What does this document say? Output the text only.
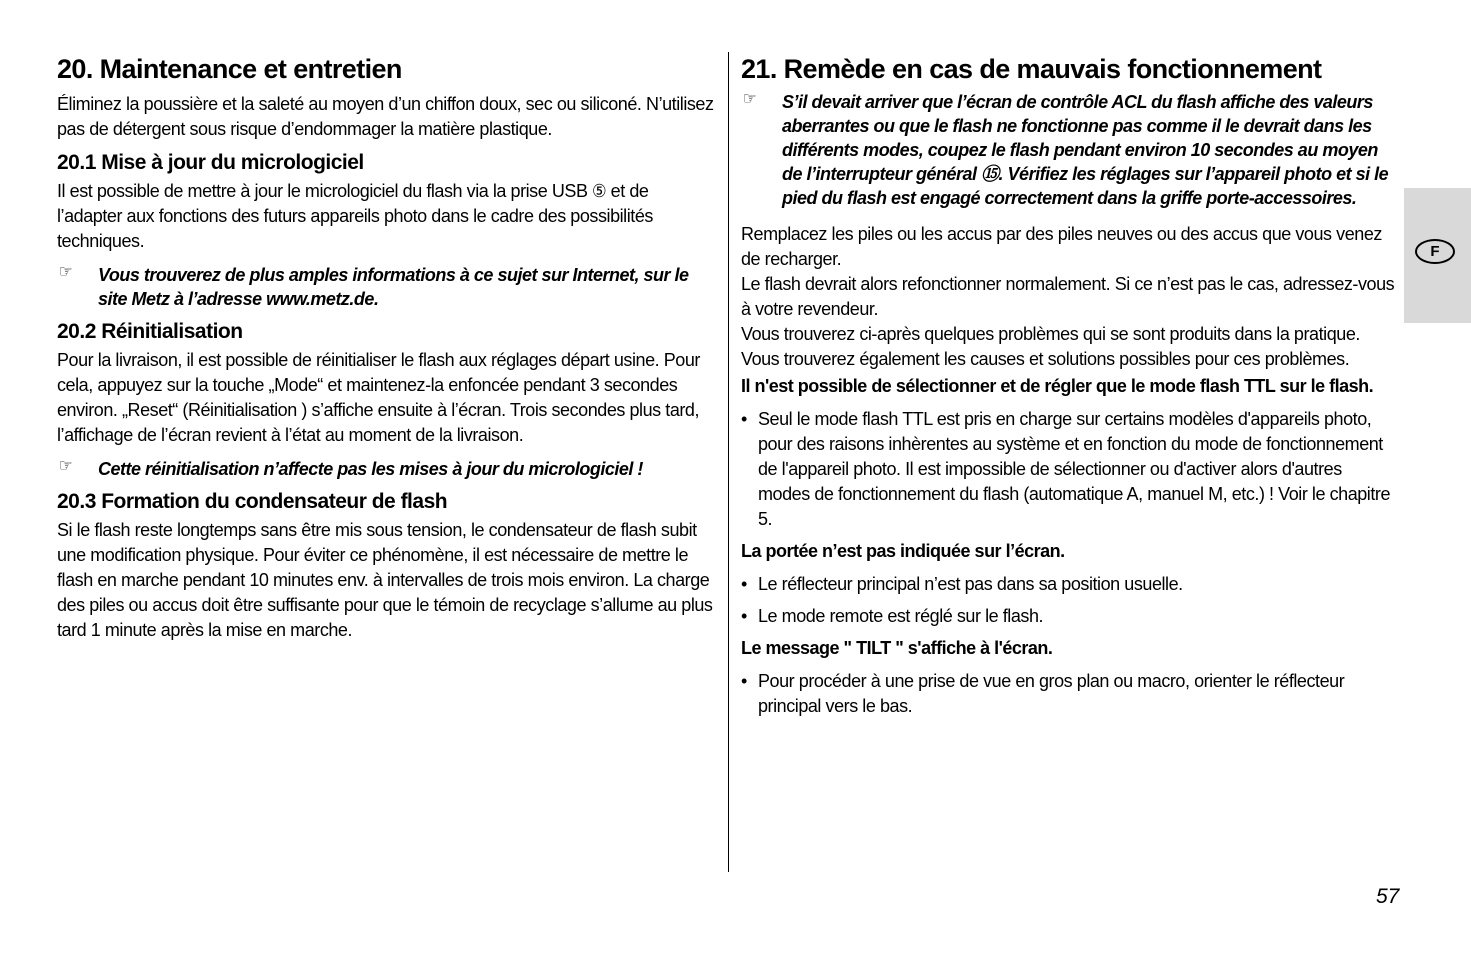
20. Maintenance et entretien

Éliminez la poussière et la saleté au moyen d’un chiffon doux, sec ou siliconé. N’utilisez pas de détergent sous risque d’endommager la matière plastique.

20.1 Mise à jour du micrologiciel

Il est possible de mettre à jour le micrologiciel du flash via la prise USB ⑤ et de l’adapter aux fonctions des futurs appareils photo dans le cadre des possibilités techniques.

☞ Vous trouverez de plus amples informations à ce sujet sur Internet, sur le site Metz à l’adresse www.metz.de.
20.2 Réinitialisation

Pour la livraison, il est possible de réinitialiser le flash aux réglages départ usine. Pour cela, appuyez sur la touche „Mode“ et maintenez-la enfoncée pendant 3 secondes environ. „Reset“ (Réinitialisation ) s’affiche ensuite à l’écran. Trois secondes plus tard, l’affichage de l’écran revient à l’état au moment de la livraison.

☞ Cette réinitialisation n’affecte pas les mises à jour du micrologiciel !
20.3 Formation du condensateur de flash

Si le flash reste longtemps sans être mis sous tension, le condensateur de flash subit une modification physique. Pour éviter ce phénomène, il est nécessaire de mettre le flash en marche pendant 10 minutes env. à intervalles de trois mois environ. La charge des piles ou accus doit être suffisante pour que le témoin de recyclage s’allume au plus tard 1 minute après la mise en marche.

21. Remède en cas de mauvais fonctionnement
☞ S’il devait arriver que l’écran de contrôle ACL du flash affiche des valeurs aberrantes ou que le flash ne fonctionne pas comme il le devrait dans les différents modes, coupez le flash pendant environ 10 secondes au moyen de l’interrupteur général ⑮. Vérifiez les réglages sur l’appareil photo et si le pied du flash est engagé correctement dans la griffe porte-accessoires.

Remplacez les piles ou les accus par des piles neuves ou des accus que vous venez de recharger.

Le flash devrait alors refonctionner normalement. Si ce n’est pas le cas, adressez-vous à votre revendeur.

Vous trouverez ci-après quelques problèmes qui se sont produits dans la pratique. Vous trouverez également les causes et solutions possibles pour ces problèmes.

Il n'est possible de sélectionner et de régler que le mode flash TTL sur le flash.
• Seul le mode flash TTL est pris en charge sur certains modèles d'appareils photo, pour des raisons inhèrentes au système et en fonction du mode de fonctionnement de l'appareil photo. Il est impossible de sélectionner ou d'activer alors d'autres modes de fonctionnement du flash (automatique A, manuel M, etc.) ! Voir le chapitre 5.
La portée n’est pas indiquée sur l’écran.
• Le réflecteur principal n’est pas dans sa position usuelle.
• Le mode remote est réglé sur le flash.
Le message " TILT " s'affiche à l'écran.
• Pour procéder à une prise de vue en gros plan ou macro, orienter le réflecteur principal vers le bas.
F
57
